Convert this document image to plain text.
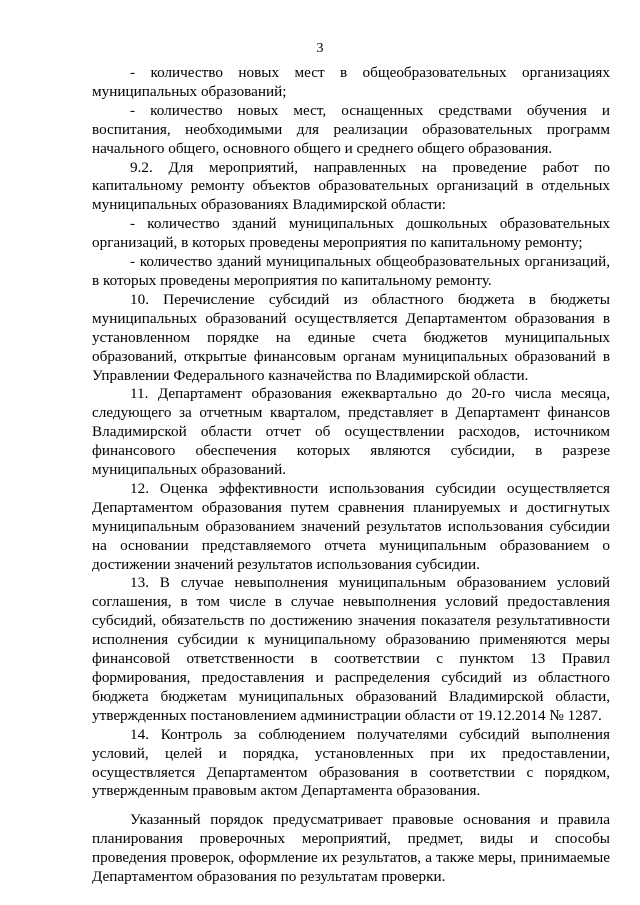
3

- количество новых мест в общеобразовательных организациях муниципальных образований;

- количество новых мест, оснащенных средствами обучения и воспитания, необходимыми для реализации образовательных программ начального общего, основного общего и среднего общего образования.

9.2. Для мероприятий, направленных на проведение работ по капитальному ремонту объектов образовательных организаций в отдельных муниципальных образованиях Владимирской области:

- количество зданий муниципальных дошкольных образовательных организаций, в которых проведены мероприятия по капитальному ремонту;

- количество зданий муниципальных общеобразовательных организаций, в которых проведены мероприятия по капитальному ремонту.

10. Перечисление субсидий из областного бюджета в бюджеты муниципальных образований осуществляется Департаментом образования в установленном порядке на единые счета бюджетов муниципальных образований, открытые финансовым органам муниципальных образований в Управлении Федерального казначейства по Владимирской области.

11. Департамент образования ежеквартально до 20-го числа месяца, следующего за отчетным кварталом, представляет в Департамент финансов Владимирской области отчет об осуществлении расходов, источником финансового обеспечения которых являются субсидии, в разрезе муниципальных образований.

12. Оценка эффективности использования субсидии осуществляется Департаментом образования путем сравнения планируемых и достигнутых муниципальным образованием значений результатов использования субсидии на основании представляемого отчета муниципальным образованием о достижении значений результатов использования субсидии.

13. В случае невыполнения муниципальным образованием условий соглашения, в том числе в случае невыполнения условий предоставления субсидий, обязательств по достижению значения показателя результативности исполнения субсидии к муниципальному образованию применяются меры финансовой ответственности в соответствии с пунктом 13 Правил формирования, предоставления и распределения субсидий из областного бюджета бюджетам муниципальных образований Владимирской области, утвержденных постановлением администрации области от 19.12.2014 № 1287.

14. Контроль за соблюдением получателями субсидий выполнения условий, целей и порядка, установленных при их предоставлении, осуществляется Департаментом образования в соответствии с порядком, утвержденным правовым актом Департамента образования.

Указанный порядок предусматривает правовые основания и правила планирования проверочных мероприятий, предмет, виды и способы проведения проверок, оформление их результатов, а также меры, принимаемые Департаментом образования по результатам проверки.
